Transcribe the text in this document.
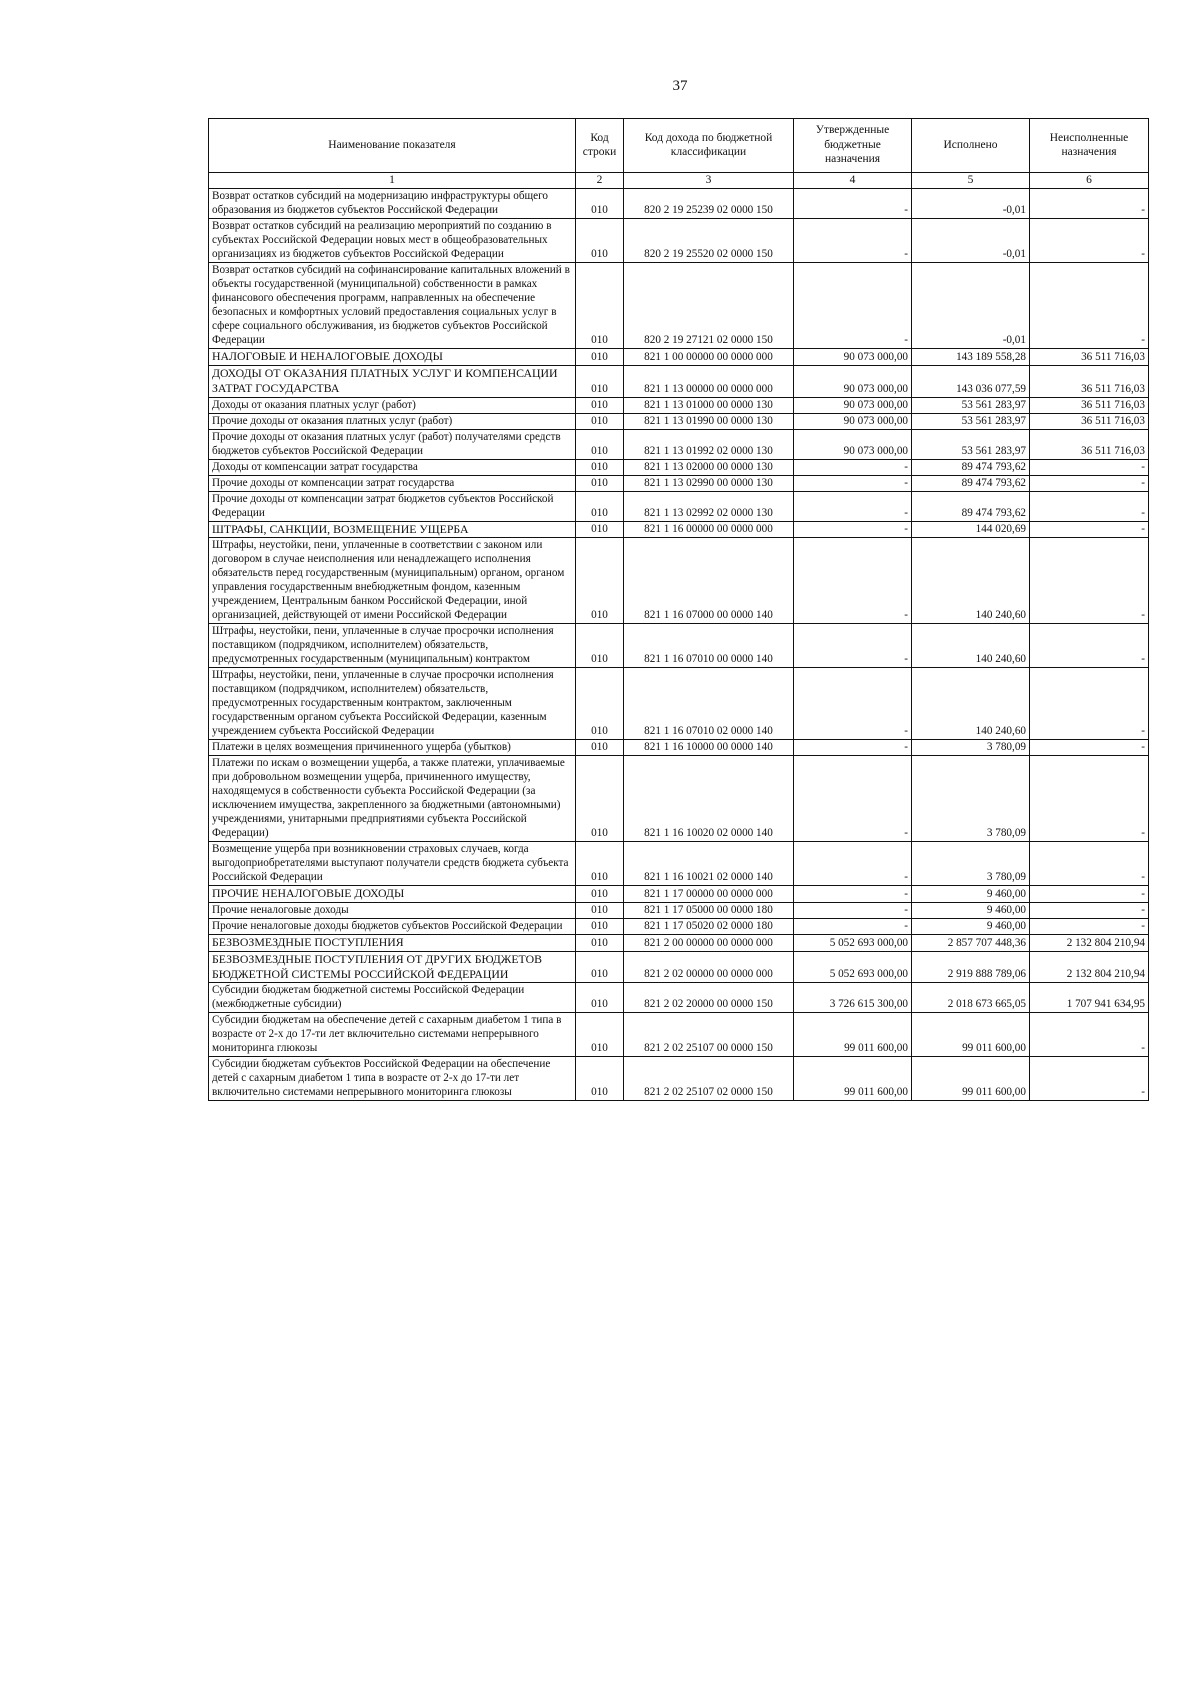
37
Наименование показателя	Код строки	Код дохода по бюджетной классификации	Утвержденные бюджетные назначения	Исполнено	Неисполненные назначения
1	2	3	4	5	6
Возврат остатков субсидий на модернизацию инфраструктуры общего образования из бюджетов субъектов Российской Федерации	010	820 2 19 25239 02 0000 150	-	-0,01	-
Возврат остатков субсидий на реализацию мероприятий по созданию в субъектах Российской Федерации новых мест в общеобразовательных организациях из бюджетов субъектов Российской Федерации	010	820 2 19 25520 02 0000 150	-	-0,01	-
Возврат остатков субсидий на софинансирование капитальных вложений в объекты государственной (муниципальной) собственности в рамках финансового обеспечения программ, направленных на обеспечение безопасных и комфортных условий предоставления социальных услуг в сфере социального обслуживания, из бюджетов субъектов Российской Федерации	010	820 2 19 27121 02 0000 150	-	-0,01	-
НАЛОГОВЫЕ И НЕНАЛОГОВЫЕ ДОХОДЫ	010	821 1 00 00000 00 0000 000	90 073 000,00	143 189 558,28	36 511 716,03
ДОХОДЫ ОТ ОКАЗАНИЯ ПЛАТНЫХ УСЛУГ И КОМПЕНСАЦИИ ЗАТРАТ ГОСУДАРСТВА	010	821 1 13 00000 00 0000 000	90 073 000,00	143 036 077,59	36 511 716,03
Доходы от оказания платных услуг (работ)	010	821 1 13 01000 00 0000 130	90 073 000,00	53 561 283,97	36 511 716,03
Прочие доходы от оказания платных услуг (работ)	010	821 1 13 01990 00 0000 130	90 073 000,00	53 561 283,97	36 511 716,03
Прочие доходы от оказания платных услуг (работ) получателями средств бюджетов субъектов Российской Федерации	010	821 1 13 01992 02 0000 130	90 073 000,00	53 561 283,97	36 511 716,03
Доходы от компенсации затрат государства	010	821 1 13 02000 00 0000 130	-	89 474 793,62	-
Прочие доходы от компенсации затрат государства	010	821 1 13 02990 00 0000 130	-	89 474 793,62	-
Прочие доходы от компенсации затрат бюджетов субъектов Российской Федерации	010	821 1 13 02992 02 0000 130	-	89 474 793,62	-
ШТРАФЫ, САНКЦИИ, ВОЗМЕЩЕНИЕ УЩЕРБА	010	821 1 16 00000 00 0000 000	-	144 020,69	-
Штрафы, неустойки, пени, уплаченные в соответствии с законом или договором в случае неисполнения или ненадлежащего исполнения обязательств перед государственным (муниципальным) органом, органом управления государственным внебюджетным фондом, казенным учреждением, Центральным банком Российской Федерации, иной организацией, действующей от имени Российской Федерации	010	821 1 16 07000 00 0000 140	-	140 240,60	-
Штрафы, неустойки, пени, уплаченные в случае просрочки исполнения поставщиком (подрядчиком, исполнителем) обязательств, предусмотренных государственным (муниципальным) контрактом	010	821 1 16 07010 00 0000 140	-	140 240,60	-
Штрафы, неустойки, пени, уплаченные в случае просрочки исполнения поставщиком (подрядчиком, исполнителем) обязательств, предусмотренных государственным контрактом, заключенным государственным органом субъекта Российской Федерации, казенным учреждением субъекта Российской Федерации	010	821 1 16 07010 02 0000 140	-	140 240,60	-
Платежи в целях возмещения причиненного ущерба (убытков)	010	821 1 16 10000 00 0000 140	-	3 780,09	-
Платежи по искам о возмещении ущерба, а также платежи, уплачиваемые при добровольном возмещении ущерба, причиненного имуществу, находящемуся в собственности субъекта Российской Федерации (за исключением имущества, закрепленного за бюджетными (автономными) учреждениями, унитарными предприятиями субъекта Российской Федерации)	010	821 1 16 10020 02 0000 140	-	3 780,09	-
Возмещение ущерба при возникновении страховых случаев, когда выгодоприобретателями выступают получатели средств бюджета субъекта Российской Федерации	010	821 1 16 10021 02 0000 140	-	3 780,09	-
ПРОЧИЕ НЕНАЛОГОВЫЕ ДОХОДЫ	010	821 1 17 00000 00 0000 000	-	9 460,00	-
Прочие неналоговые доходы	010	821 1 17 05000 00 0000 180	-	9 460,00	-
Прочие неналоговые доходы бюджетов субъектов Российской Федерации	010	821 1 17 05020 02 0000 180	-	9 460,00	-
БЕЗВОЗМЕЗДНЫЕ ПОСТУПЛЕНИЯ	010	821 2 00 00000 00 0000 000	5 052 693 000,00	2 857 707 448,36	2 132 804 210,94
БЕЗВОЗМЕЗДНЫЕ ПОСТУПЛЕНИЯ ОТ ДРУГИХ БЮДЖЕТОВ БЮДЖЕТНОЙ СИСТЕМЫ РОССИЙСКОЙ ФЕДЕРАЦИИ	010	821 2 02 00000 00 0000 000	5 052 693 000,00	2 919 888 789,06	2 132 804 210,94
Субсидии бюджетам бюджетной системы Российской Федерации (межбюджетные субсидии)	010	821 2 02 20000 00 0000 150	3 726 615 300,00	2 018 673 665,05	1 707 941 634,95
Субсидии бюджетам на обеспечение детей с сахарным диабетом 1 типа в возрасте от 2-х до 17-ти лет включительно системами непрерывного мониторинга глюкозы	010	821 2 02 25107 00 0000 150	99 011 600,00	99 011 600,00	-
Субсидии бюджетам субъектов Российской Федерации на обеспечение детей с сахарным диабетом 1 типа в возрасте от 2-х до 17-ти лет включительно системами непрерывного мониторинга глюкозы	010	821 2 02 25107 02 0000 150	99 011 600,00	99 011 600,00	-
